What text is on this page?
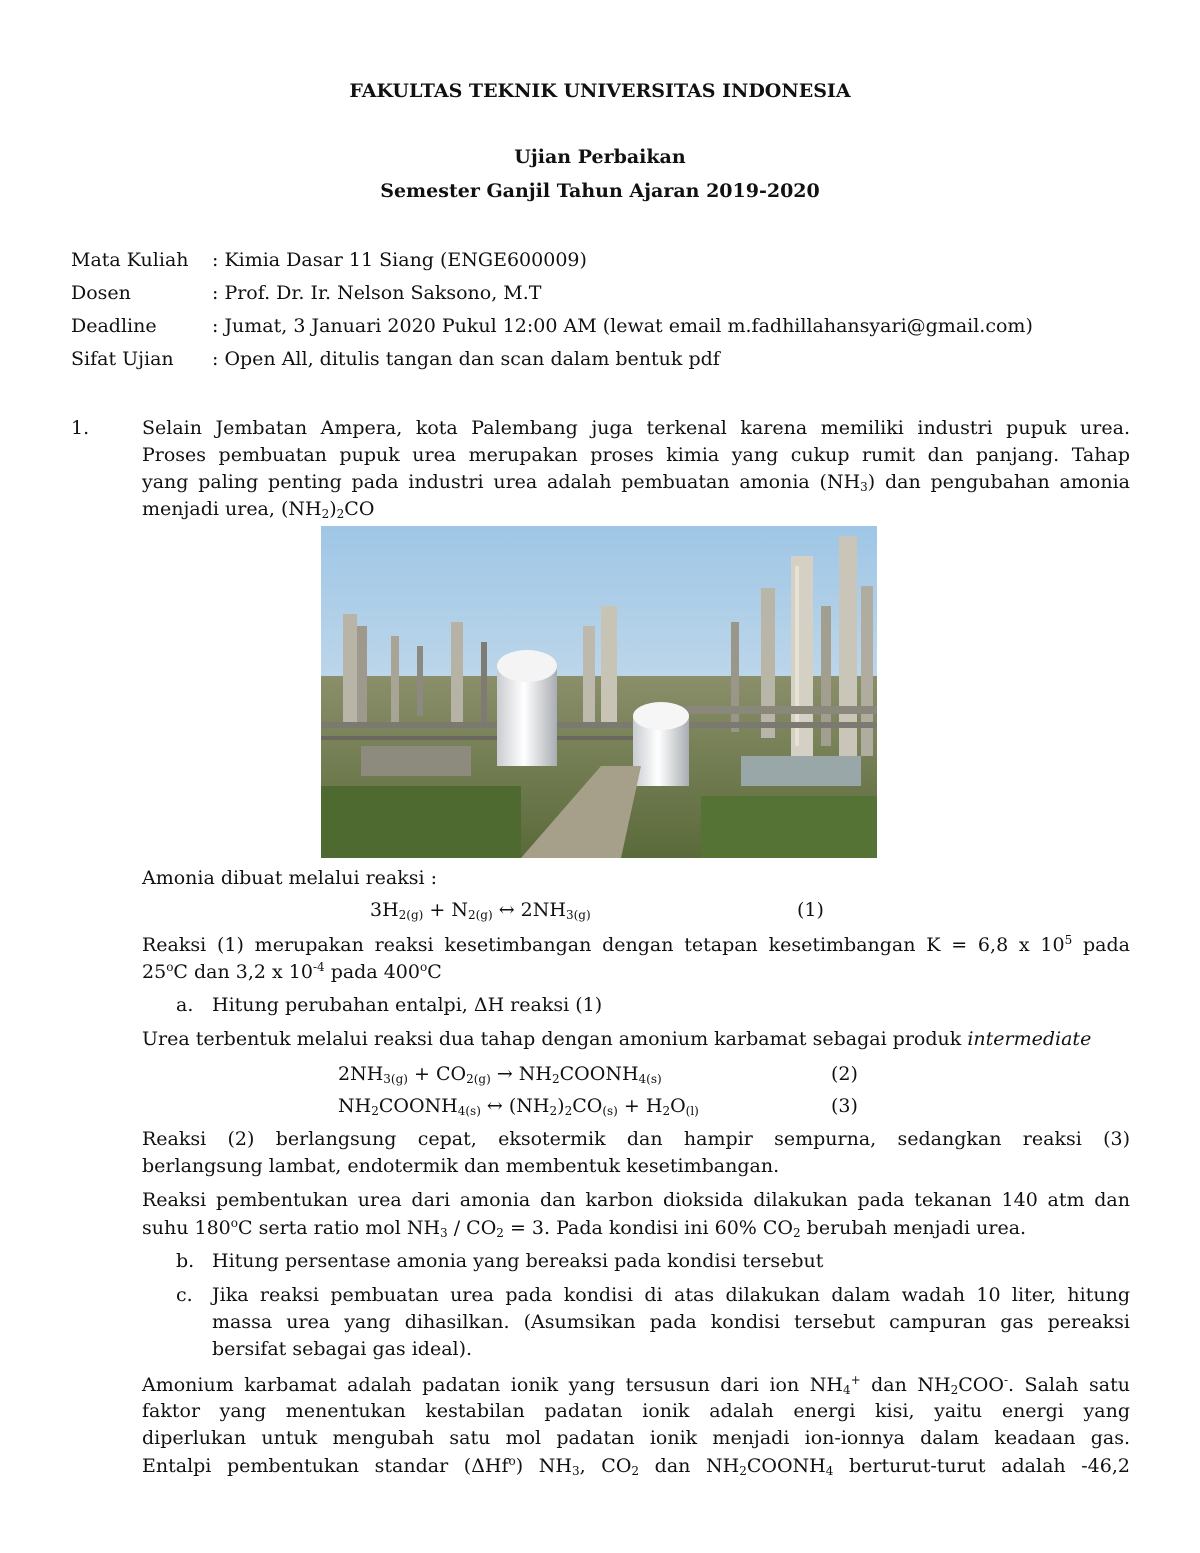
FAKULTAS TEKNIK UNIVERSITAS INDONESIA
Ujian Perbaikan
Semester Ganjil Tahun Ajaran 2019-2020
Mata Kuliah	: Kimia Dasar 11 Siang (ENGE600009)
Dosen	: Prof. Dr. Ir. Nelson Saksono, M.T
Deadline	: Jumat, 3 Januari 2020 Pukul 12:00 AM (lewat email m.fadhillahansyari@gmail.com)
Sifat Ujian	: Open All, ditulis tangan dan scan dalam bentuk pdf
1.	Selain Jembatan Ampera, kota Palembang juga terkenal karena memiliki industri pupuk urea.
Proses pembuatan pupuk urea merupakan proses kimia yang cukup rumit dan panjang. Tahap
yang paling penting pada industri urea adalah pembuatan amonia $(NH_3)$ dan pengubahan amonia
menjadi urea, $(NH_2)_2CO$
Amonia dibuat melalui reaksi :
$3H_{2(g)} + N_{2(g)}$ ↔ $2NH_{3(g)}$	(1)
Reaksi (1) merupakan reaksi kesetimbangan dengan tetapan kesetimbangan K = 6,8 x $10^5$ pada
25$^o$C dan 3,2 x $10^{-4}$ pada 400$^o$C
a. Hitung perubahan entalpi, ΔH reaksi (1)
Urea terbentuk melalui reaksi dua tahap dengan amonium karbamat sebagai produk intermediate
$2NH_{3(g)} + CO_{2(g)}$ → $NH_2COONH_{4(s)}$	(2)
$NH_2COONH_{4(s)}$ ↔ $(NH_2)_2CO_{(s)} + H_2O_{(l)}$	(3)
Reaksi (2) berlangsung cepat, eksotermik dan hampir sempurna, sedangkan reaksi (3)
berlangsung lambat, endotermik dan membentuk kesetimbangan.
Reaksi pembentukan urea dari amonia dan karbon dioksida dilakukan pada tekanan 140 atm dan
suhu 180$^o$C serta ratio mol $NH_3 / CO_2 = 3$. Pada kondisi ini 60% $CO_2$ berubah menjadi urea.
b. Hitung persentase amonia yang bereaksi pada kondisi tersebut
c. Jika reaksi pembuatan urea pada kondisi di atas dilakukan dalam wadah 10 liter, hitung
massa urea yang dihasilkan. (Asumsikan pada kondisi tersebut campuran gas pereaksi
bersifat sebagai gas ideal).
Amonium karbamat adalah padatan ionik yang tersusun dari ion $NH_4^+$ dan $NH_2COO^-$. Salah satu
faktor yang menentukan kestabilan padatan ionik adalah energi kisi, yaitu energi yang
diperlukan untuk mengubah satu mol padatan ionik menjadi ion-ionnya dalam keadaan gas.
Entalpi pembentukan standar (ΔHf$^o$) $NH_3$, $CO_2$ dan $NH_2COONH_4$ berturut-turut adalah -46,2
